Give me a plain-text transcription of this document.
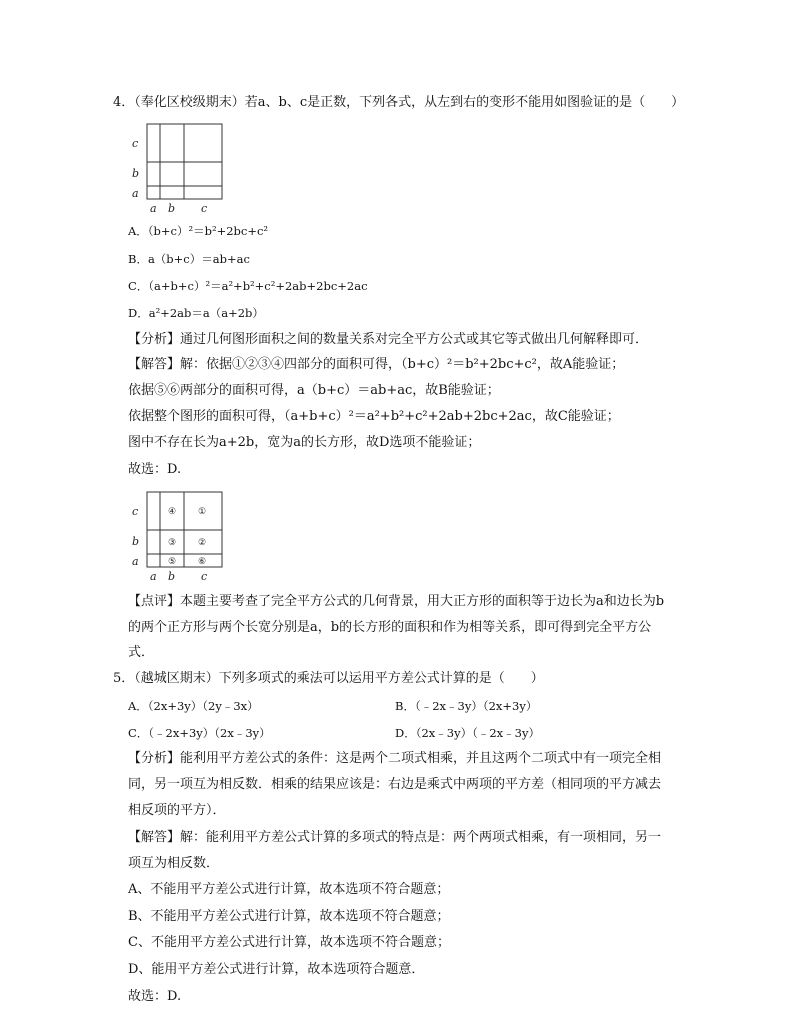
4．（奉化区校级期末）若a、b、c是正数，下列各式，从左到右的变形不能用如图验证的是（　　）
c
b
a
a b c
A．（b+c）²＝b²+2bc+c²
B．a（b+c）＝ab+ac
C．（a+b+c）²＝a²+b²+c²+2ab+2bc+2ac
D．a²+2ab＝a（a+2b）
【分析】通过几何图形面积之间的数量关系对完全平方公式或其它等式做出几何解释即可．
【解答】解：依据①②③④四部分的面积可得，（b+c）²＝b²+2bc+c²，故A能验证；
依据⑤⑥两部分的面积可得，a（b+c）＝ab+ac，故B能验证；
依据整个图形的面积可得，（a+b+c）²＝a²+b²+c²+2ab+2bc+2ac，故C能验证；
图中不存在长为a+2b，宽为a的长方形，故D选项不能验证；
故选：D.
c
b
a
④ ①
③ ②
⑤ ⑥
a b c
【点评】本题主要考查了完全平方公式的几何背景，用大正方形的面积等于边长为a和边长为b
的两个正方形与两个长宽分别是a，b的长方形的面积和作为相等关系，即可得到完全平方公
式．
5．（越城区期末）下列多项式的乘法可以运用平方差公式计算的是（　　）
A．（2x+3y）（2y﹣3x）	B．（﹣2x﹣3y）（2x+3y）
C．（﹣2x+3y）（2x﹣3y）	D．（2x﹣3y）（﹣2x﹣3y）
【分析】能利用平方差公式的条件：这是两个二项式相乘，并且这两个二项式中有一项完全相
同，另一项互为相反数．相乘的结果应该是：右边是乘式中两项的平方差（相同项的平方减去
相反项的平方）．
【解答】解：能利用平方差公式计算的多项式的特点是：两个两项式相乘，有一项相同，另一
项互为相反数．
A、不能用平方差公式进行计算，故本选项不符合题意；
B、不能用平方差公式进行计算，故本选项不符合题意；
C、不能用平方差公式进行计算，故本选项不符合题意；
D、能用平方差公式进行计算，故本选项符合题意．
故选：D.
